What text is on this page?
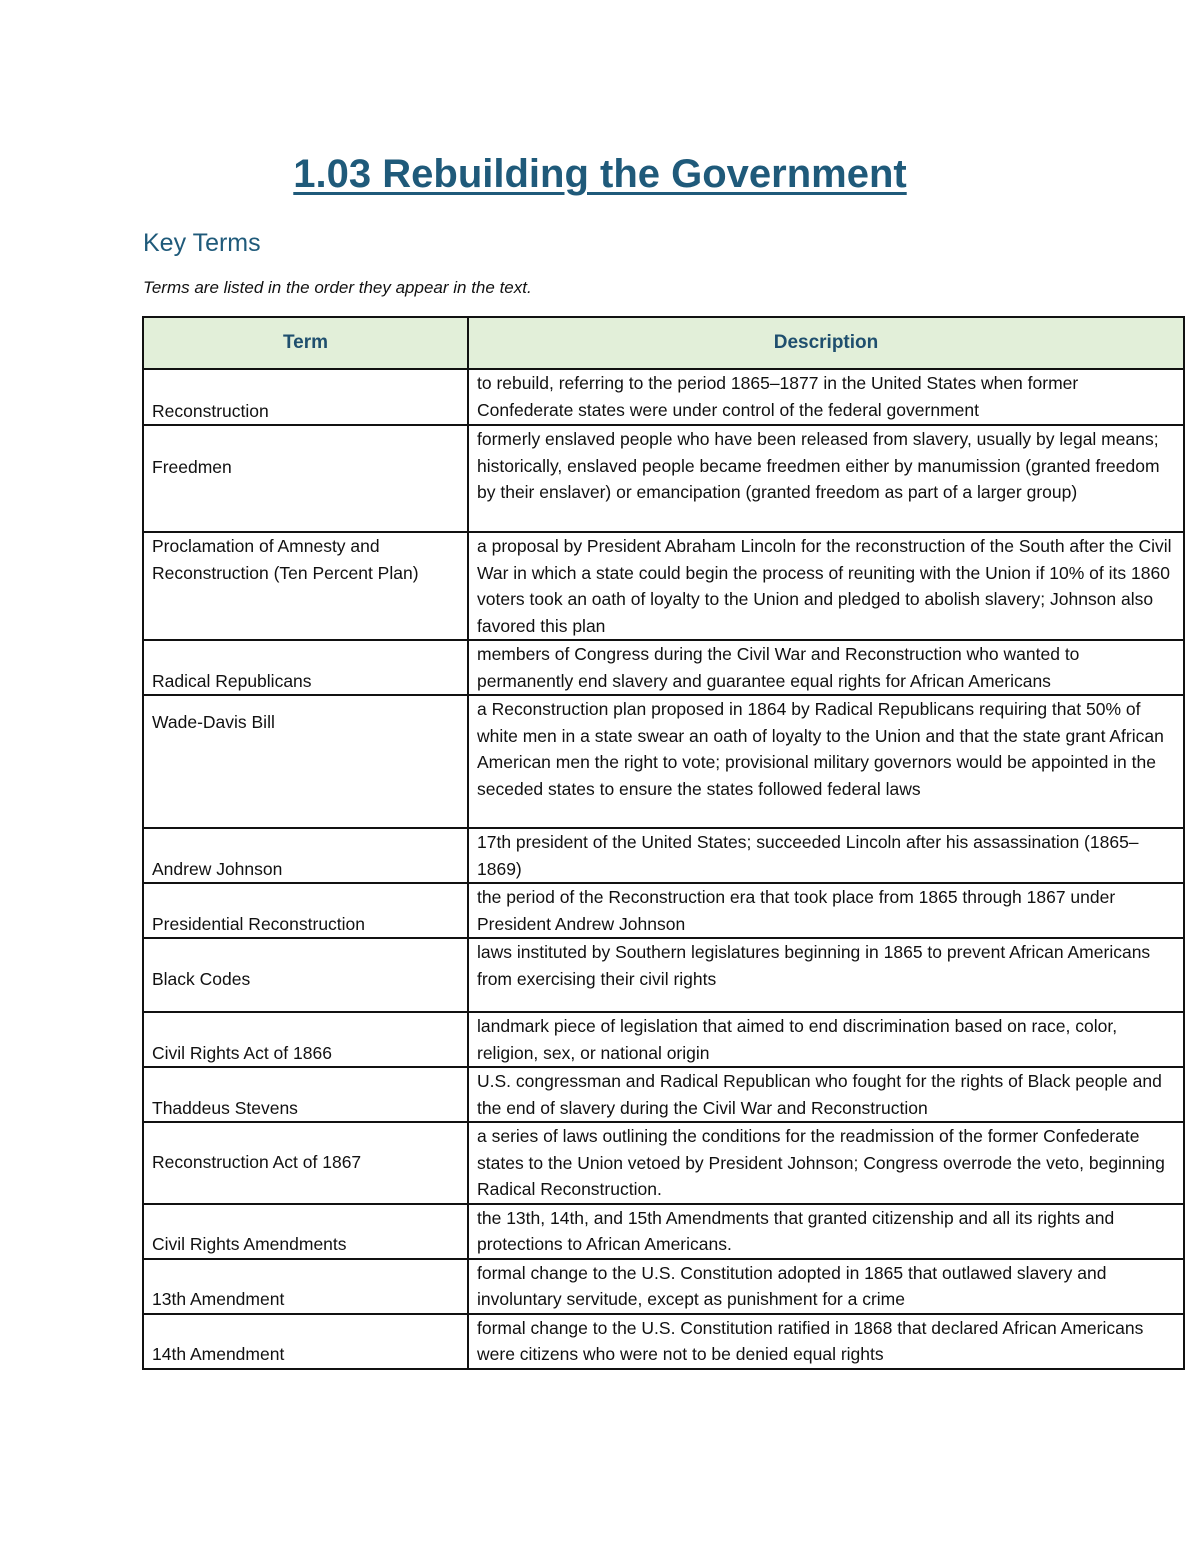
1.03 Rebuilding the Government
Key Terms

Terms are listed in the order they appear in the text.

Term	Description
Reconstruction	to rebuild, referring to the period 1865–1877 in the United States when former Confederate states were under control of the federal government
Freedmen	formerly enslaved people who have been released from slavery, usually by legal means; historically, enslaved people became freedmen either by manumission (granted freedom by their enslaver) or emancipation (granted freedom as part of a larger group)
Proclamation of Amnesty and Reconstruction (Ten Percent Plan)	a proposal by President Abraham Lincoln for the reconstruction of the South after the Civil War in which a state could begin the process of reuniting with the Union if 10% of its 1860 voters took an oath of loyalty to the Union and pledged to abolish slavery; Johnson also favored this plan
Radical Republicans	members of Congress during the Civil War and Reconstruction who wanted to permanently end slavery and guarantee equal rights for African Americans
Wade-Davis Bill	a Reconstruction plan proposed in 1864 by Radical Republicans requiring that 50% of white men in a state swear an oath of loyalty to the Union and that the state grant African American men the right to vote; provisional military governors would be appointed in the seceded states to ensure the states followed federal laws
Andrew Johnson	17th president of the United States; succeeded Lincoln after his assassination (1865–1869)
Presidential Reconstruction	the period of the Reconstruction era that took place from 1865 through 1867 under President Andrew Johnson
Black Codes	laws instituted by Southern legislatures beginning in 1865 to prevent African Americans from exercising their civil rights
Civil Rights Act of 1866	landmark piece of legislation that aimed to end discrimination based on race, color, religion, sex, or national origin
Thaddeus Stevens	U.S. congressman and Radical Republican who fought for the rights of Black people and the end of slavery during the Civil War and Reconstruction
Reconstruction Act of 1867	a series of laws outlining the conditions for the readmission of the former Confederate states to the Union vetoed by President Johnson; Congress overrode the veto, beginning Radical Reconstruction.
Civil Rights Amendments	the 13th, 14th, and 15th Amendments that granted citizenship and all its rights and protections to African Americans.
13th Amendment	formal change to the U.S. Constitution adopted in 1865 that outlawed slavery and involuntary servitude, except as punishment for a crime
14th Amendment	formal change to the U.S. Constitution ratified in 1868 that declared African Americans were citizens who were not to be denied equal rights
